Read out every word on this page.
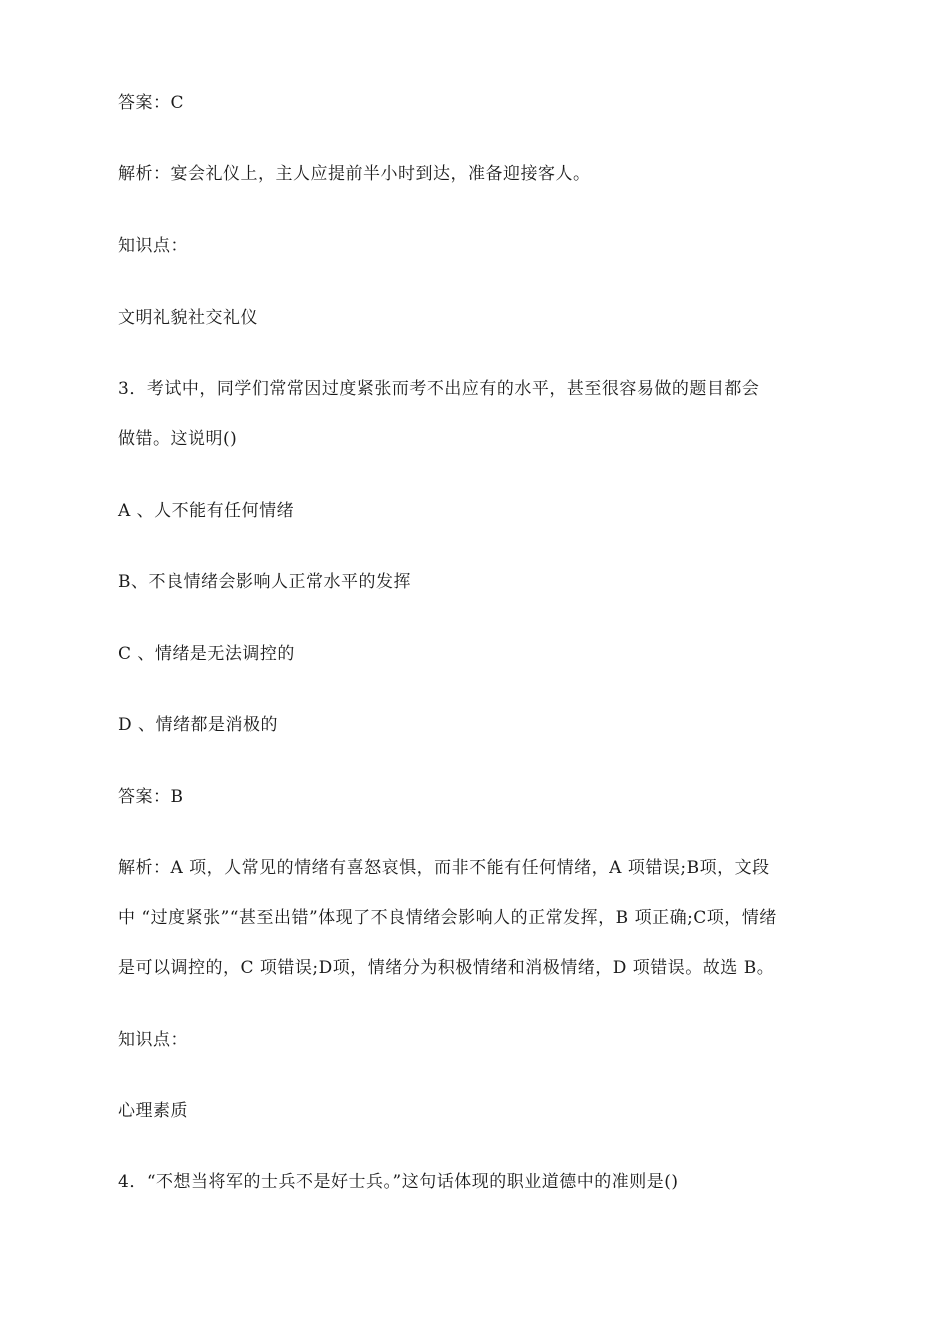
答案：C
解析：宴会礼仪上，主人应提前半小时到达，准备迎接客人。
知识点：
文明礼貌社交礼仪
3．考试中，同学们常常因过度紧张而考不出应有的水平，甚至很容易做的题目都会
做错。这说明()
A 、人不能有任何情绪
B、不良情绪会影响人正常水平的发挥
C 、情绪是无法调控的
D 、情绪都是消极的
答案：B
解析：A 项，人常见的情绪有喜怒哀惧，而非不能有任何情绪，A 项错误;B项，文段
中 “过度紧张”“甚至出错”体现了不良情绪会影响人的正常发挥，B 项正确;C项，情绪
是可以调控的，C 项错误;D项，情绪分为积极情绪和消极情绪，D 项错误。故选 B。
知识点：
心理素质
4．“不想当将军的士兵不是好士兵。”这句话体现的职业道德中的准则是()
